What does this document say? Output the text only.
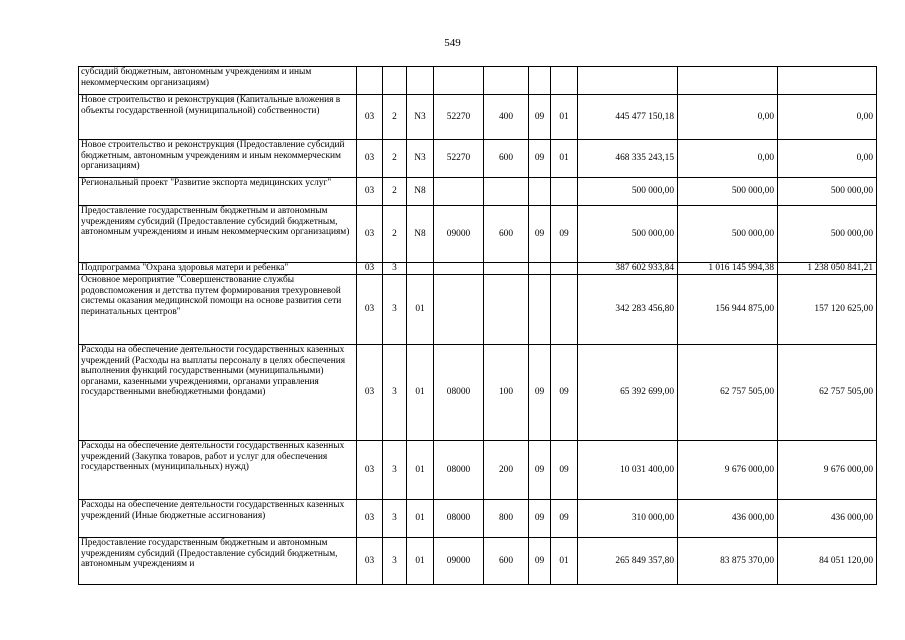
549
субсидий бюджетным, автономным учреждениям и иным некоммерческим организациям)										
Новое строительство и реконструкция (Капитальные вложения в объекты государственной (муниципальной) собственности)	03	2	N3	52270	400	09	01	445 477 150,18	0,00	0,00
Новое строительство и реконструкция (Предоставление субсидий бюджетным, автономным учреждениям и иным некоммерческим организациям)	03	2	N3	52270	600	09	01	468 335 243,15	0,00	0,00
Региональный проект "Развитие экспорта медицинских услуг"	03	2	N8					500 000,00	500 000,00	500 000,00
Предоставление государственным бюджетным и автономным учреждениям субсидий (Предоставление субсидий бюджетным, автономным учреждениям и иным некоммерческим организациям)	03	2	N8	09000	600	09	09	500 000,00	500 000,00	500 000,00
Подпрограмма "Охрана здоровья матери и ребенка"	03	3						387 602 933,84	1 016 145 994,38	1 238 050 841,21
Основное мероприятие "Совершенствование службы родовспоможения и детства путем формирования трехуровневой системы оказания медицинской помощи на основе развития сети перинатальных центров"	03	3	01					342 283 456,80	156 944 875,00	157 120 625,00
Расходы на обеспечение деятельности государственных казенных учреждений (Расходы на выплаты персоналу в целях обеспечения выполнения функций государственными (муниципальными) органами, казенными учреждениями, органами управления государственными внебюджетными фондами)	03	3	01	08000	100	09	09	65 392 699,00	62 757 505,00	62 757 505,00
Расходы на обеспечение деятельности государственных казенных учреждений (Закупка товаров, работ и услуг для обеспечения государственных (муниципальных) нужд)	03	3	01	08000	200	09	09	10 031 400,00	9 676 000,00	9 676 000,00
Расходы на обеспечение деятельности государственных казенных учреждений (Иные бюджетные ассигнования)	03	3	01	08000	800	09	09	310 000,00	436 000,00	436 000,00
Предоставление государственным бюджетным и автономным учреждениям субсидий (Предоставление субсидий бюджетным, автономным учреждениям и	03	3	01	09000	600	09	01	265 849 357,80	83 875 370,00	84 051 120,00
